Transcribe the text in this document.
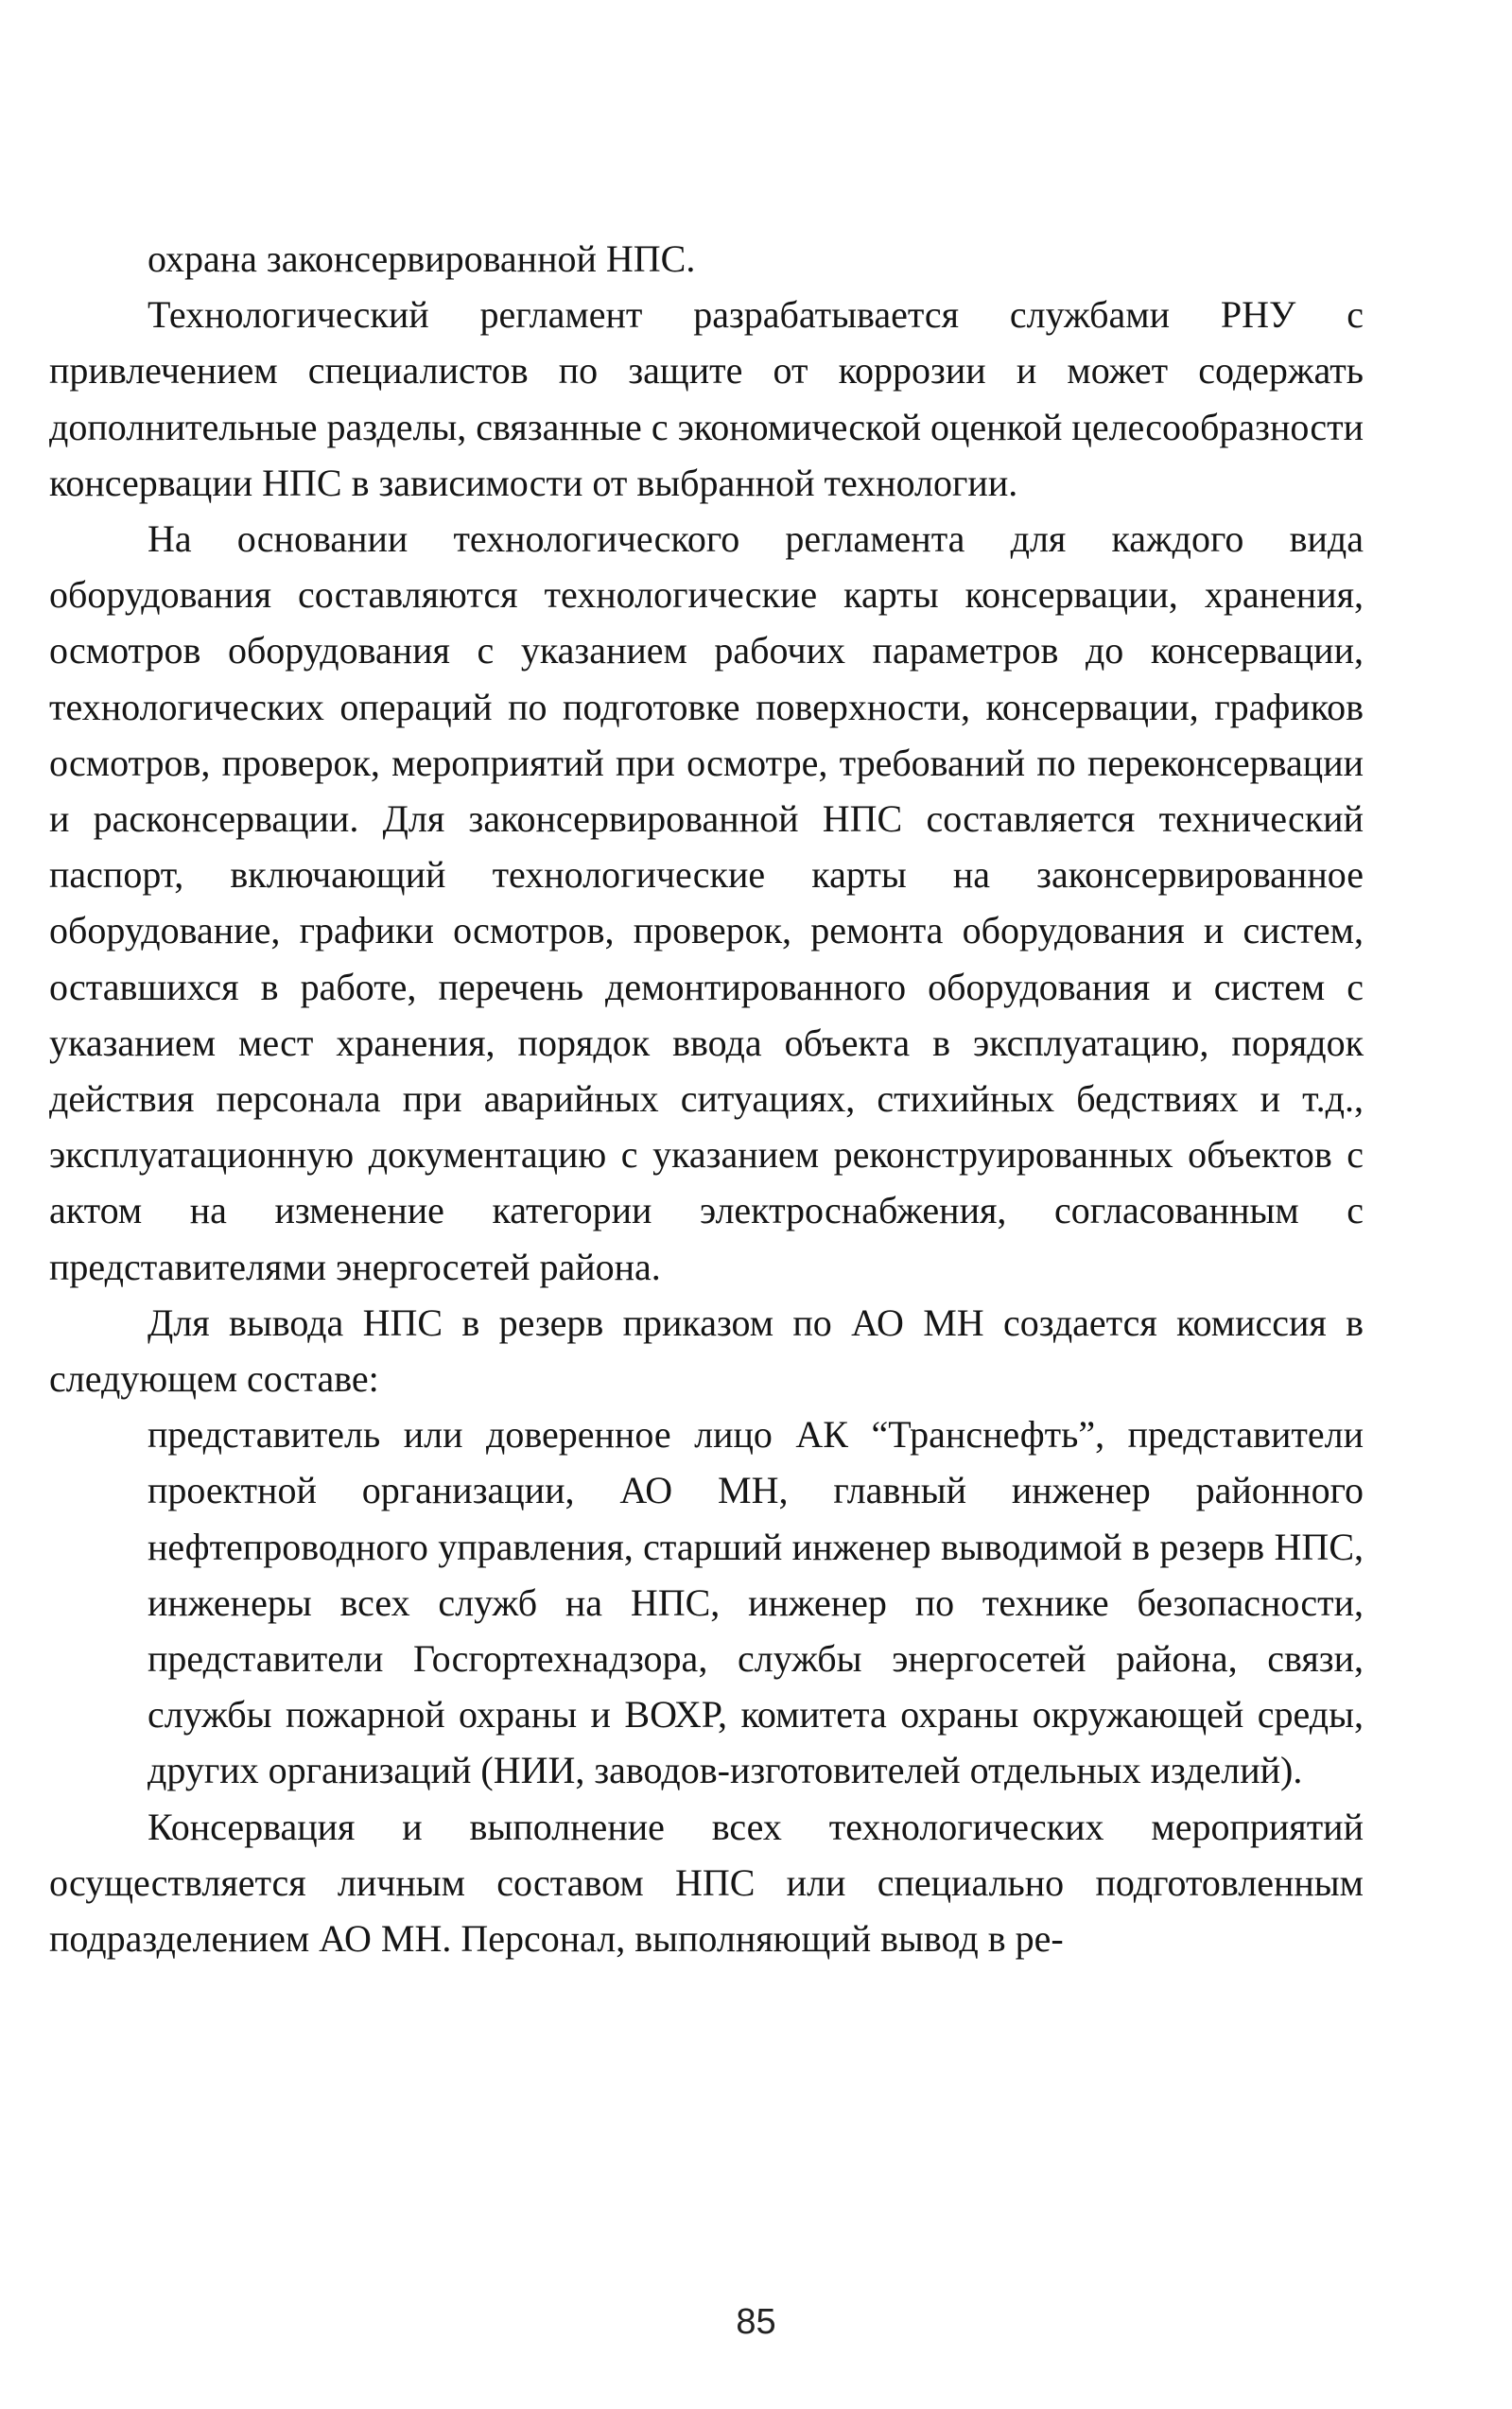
охрана законсервированной НПС.

Технологический регламент разрабатывается службами РНУ с привлечением специалистов по защите от коррозии и может содержать дополнительные разделы, связанные с экономической оценкой целесообразности консервации НПС в зависимости от выбранной технологии.

На основании технологического регламента для каждого вида оборудования составляются технологические карты консервации, хранения, осмотров оборудования с указанием рабочих параметров до консервации, технологических операций по подготовке поверхности, консервации, графиков осмотров, проверок, мероприятий при осмотре, требований по переконсервации и расконсервации. Для законсервированной НПС составляется технический паспорт, включающий технологические карты на законсервированное оборудование, графики осмотров, проверок, ремонта оборудования и систем, оставшихся в работе, перечень демонтированного оборудования и систем с указанием мест хранения, порядок ввода объекта в эксплуатацию, порядок действия персонала при аварийных ситуациях, стихийных бедствиях и т.д., эксплуатационную документацию с указанием реконструированных объектов с актом на изменение категории электроснабжения, согласованным с представителями энергосетей района.

Для вывода НПС в резерв приказом по АО МН создается комиссия в следующем составе:

представитель или доверенное лицо АК “Транснефть”, представители проектной организации, АО МН, главный инженер районного нефтепроводного управления, старший инженер выводимой в резерв НПС, инженеры всех служб на НПС, инженер по технике безопасности, представители Госгортехнадзора, службы энергосетей района, связи, службы пожарной охраны и ВОХР, комитета охраны окружающей среды, других организаций (НИИ, заводов-изготовителей отдельных изделий).

Консервация и выполнение всех технологических мероприятий осуществляется личным составом НПС или специально подготовленным подразделением АО МН. Персонал, выполняющий вывод в ре-

85
